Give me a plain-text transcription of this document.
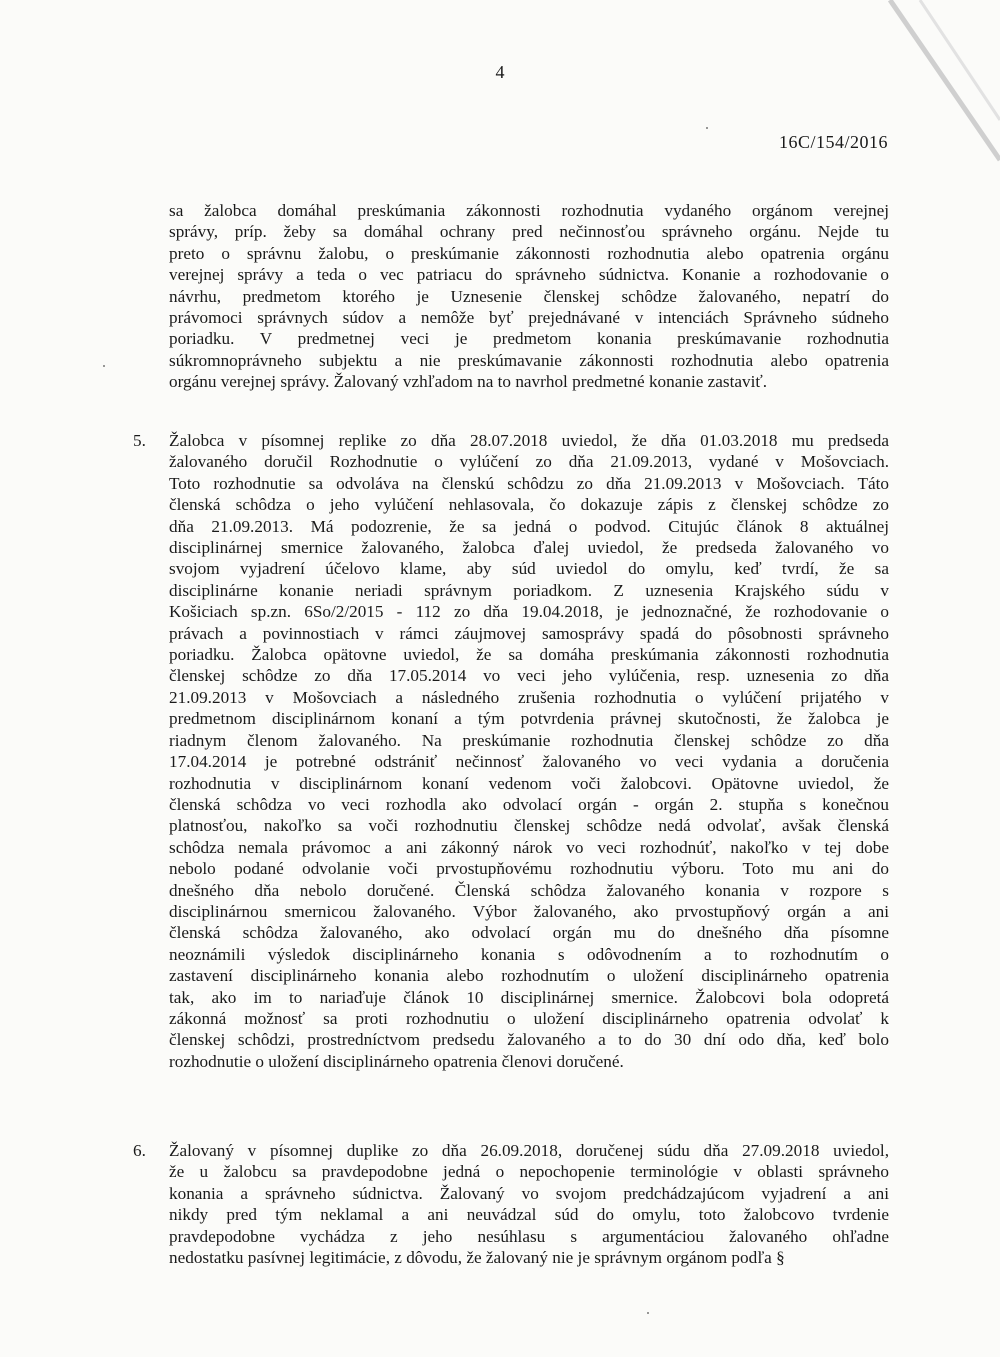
4
16C/154/2016
sa žalobca domáhal preskúmania zákonnosti rozhodnutia vydaného orgánom verejnej
správy, príp. žeby sa domáhal ochrany pred nečinnosťou správneho orgánu. Nejde tu
preto o správnu žalobu, o preskúmanie zákonnosti rozhodnutia alebo opatrenia orgánu
verejnej správy a teda o vec patriacu do správneho súdnictva. Konanie a rozhodovanie o
návrhu, predmetom ktorého je Uznesenie členskej schôdze žalovaného, nepatrí do
právomoci správnych súdov a nemôže byť prejednávané v intenciách Správneho súdneho
poriadku. V predmetnej veci je predmetom konania preskúmavanie rozhodnutia
súkromnoprávneho subjektu a nie preskúmavanie zákonnosti rozhodnutia alebo opatrenia
orgánu verejnej správy. Žalovaný vzhľadom na to navrhol predmetné konanie zastaviť.
5. Žalobca v písomnej replike zo dňa 28.07.2018 uviedol, že dňa 01.03.2018 mu predseda
žalovaného doručil Rozhodnutie o vylúčení zo dňa 21.09.2013, vydané v Mošovciach.
Toto rozhodnutie sa odvoláva na členskú schôdzu zo dňa 21.09.2013 v Mošovciach. Táto
členská schôdza o jeho vylúčení nehlasovala, čo dokazuje zápis z členskej schôdze zo
dňa 21.09.2013. Má podozrenie, že sa jedná o podvod. Citujúc článok 8 aktuálnej
disciplinárnej smernice žalovaného, žalobca ďalej uviedol, že predseda žalovaného vo
svojom vyjadrení účelovo klame, aby súd uviedol do omylu, keď tvrdí, že sa
disciplinárne konanie neriadi správnym poriadkom. Z uznesenia Krajského súdu v
Košiciach sp.zn. 6So/2/2015 - 112 zo dňa 19.04.2018, je jednoznačné, že rozhodovanie o
právach a povinnostiach v rámci záujmovej samosprávy spadá do pôsobnosti správneho
poriadku. Žalobca opätovne uviedol, že sa domáha preskúmania zákonnosti rozhodnutia
členskej schôdze zo dňa 17.05.2014 vo veci jeho vylúčenia, resp. uznesenia zo dňa
21.09.2013 v Mošovciach a následného zrušenia rozhodnutia o vylúčení prijatého v
predmetnom disciplinárnom konaní a tým potvrdenia právnej skutočnosti, že žalobca je
riadnym členom žalovaného. Na preskúmanie rozhodnutia členskej schôdze zo dňa
17.04.2014 je potrebné odstrániť nečinnosť žalovaného vo veci vydania a doručenia
rozhodnutia v disciplinárnom konaní vedenom voči žalobcovi. Opätovne uviedol, že
členská schôdza vo veci rozhodla ako odvolací orgán - orgán 2. stupňa s konečnou
platnosťou, nakoľko sa voči rozhodnutiu členskej schôdze nedá odvolať, avšak členská
schôdza nemala právomoc a ani zákonný nárok vo veci rozhodnúť, nakoľko v tej dobe
nebolo podané odvolanie voči prvostupňovému rozhodnutiu výboru. Toto mu ani do
dnešného dňa nebolo doručené. Členská schôdza žalovaného konania v rozpore s
disciplinárnou smernicou žalovaného. Výbor žalovaného, ako prvostupňový orgán a ani
členská schôdza žalovaného, ako odvolací orgán mu do dnešného dňa písomne
neoznámili výsledok disciplinárneho konania s odôvodnením a to rozhodnutím o
zastavení disciplinárneho konania alebo rozhodnutím o uložení disciplinárneho opatrenia
tak, ako im to nariaďuje článok 10 disciplinárnej smernice. Žalobcovi bola odopretá
zákonná možnosť sa proti rozhodnutiu o uložení disciplinárneho opatrenia odvolať k
členskej schôdzi, prostredníctvom predsedu žalovaného a to do 30 dní odo dňa, keď bolo
rozhodnutie o uložení disciplinárneho opatrenia členovi doručené.
6. Žalovaný v písomnej duplike zo dňa 26.09.2018, doručenej súdu dňa 27.09.2018 uviedol,
že u žalobcu sa pravdepodobne jedná o nepochopenie terminológie v oblasti správneho
konania a správneho súdnictva. Žalovaný vo svojom predchádzajúcom vyjadrení a ani
nikdy pred tým neklamal a ani neuvádzal súd do omylu, toto žalobcovo tvrdenie
pravdepodobne vychádza z jeho nesúhlasu s argumentáciou žalovaného ohľadne
nedostatku pasívnej legitimácie, z dôvodu, že žalovaný nie je správnym orgánom podľa §
